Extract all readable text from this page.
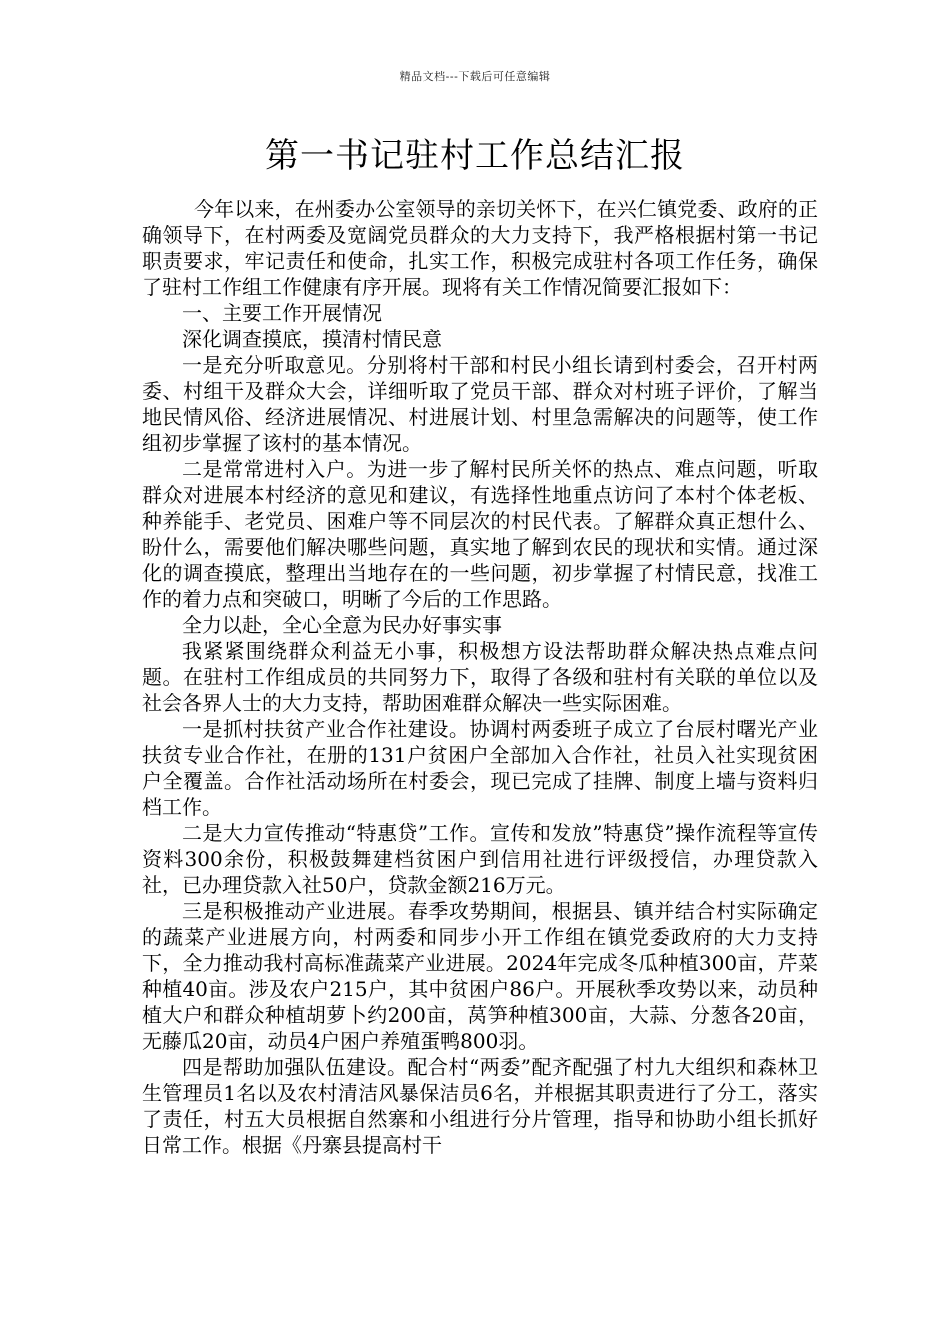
精品文档---下载后可任意编辑
第一书记驻村工作总结汇报

今年以来，在州委办公室领导的亲切关怀下，在兴仁镇党委、政府的正确领导下，在村两委及宽阔党员群众的大力支持下，我严格根据村第一书记职责要求，牢记责任和使命，扎实工作，积极完成驻村各项工作任务，确保了驻村工作组工作健康有序开展。现将有关工作情况简要汇报如下：

一、主要工作开展情况

深化调查摸底，摸清村情民意

一是充分听取意见。分别将村干部和村民小组长请到村委会，召开村两委、村组干及群众大会，详细听取了党员干部、群众对村班子评价，了解当地民情风俗、经济进展情况、村进展计划、村里急需解决的问题等，使工作组初步掌握了该村的基本情况。

二是常常进村入户。为进一步了解村民所关怀的热点、难点问题，听取群众对进展本村经济的意见和建议，有选择性地重点访问了本村个体老板、种养能手、老党员、困难户等不同层次的村民代表。了解群众真正想什么、盼什么，需要他们解决哪些问题，真实地了解到农民的现状和实情。通过深化的调查摸底，整理出当地存在的一些问题，初步掌握了村情民意，找准工作的着力点和突破口，明晰了今后的工作思路。

全力以赴，全心全意为民办好事实事

我紧紧围绕群众利益无小事，积极想方设法帮助群众解决热点难点问题。在驻村工作组成员的共同努力下，取得了各级和驻村有关联的单位以及社会各界人士的大力支持，帮助困难群众解决一些实际困难。

一是抓村扶贫产业合作社建设。协调村两委班子成立了台辰村曙光产业扶贫专业合作社，在册的131户贫困户全部加入合作社，社员入社实现贫困户全覆盖。合作社活动场所在村委会，现已完成了挂牌、制度上墙与资料归档工作。

二是大力宣传推动“特惠贷”工作。宣传和发放”特惠贷”操作流程等宣传资料300余份，积极鼓舞建档贫困户到信用社进行评级授信，办理贷款入社，已办理贷款入社50户，贷款金额216万元。

三是积极推动产业进展。春季攻势期间，根据县、镇并结合村实际确定的蔬菜产业进展方向，村两委和同步小开工作组在镇党委政府的大力支持下，全力推动我村高标准蔬菜产业进展。2024年完成冬瓜种植300亩，芹菜种植40亩。涉及农户215户，其中贫困户86户。开展秋季攻势以来，动员种植大户和群众种植胡萝卜约200亩，莴笋种植300亩，大蒜、分葱各20亩，无藤瓜20亩，动员4户困户养殖蛋鸭800羽。

四是帮助加强队伍建设。配合村“两委”配齐配强了村九大组织和森林卫生管理员1名以及农村清洁风暴保洁员6名，并根据其职责进行了分工，落实了责任，村五大员根据自然寨和小组进行分片管理，指导和协助小组长抓好日常工作。根据《丹寨县提高村干
